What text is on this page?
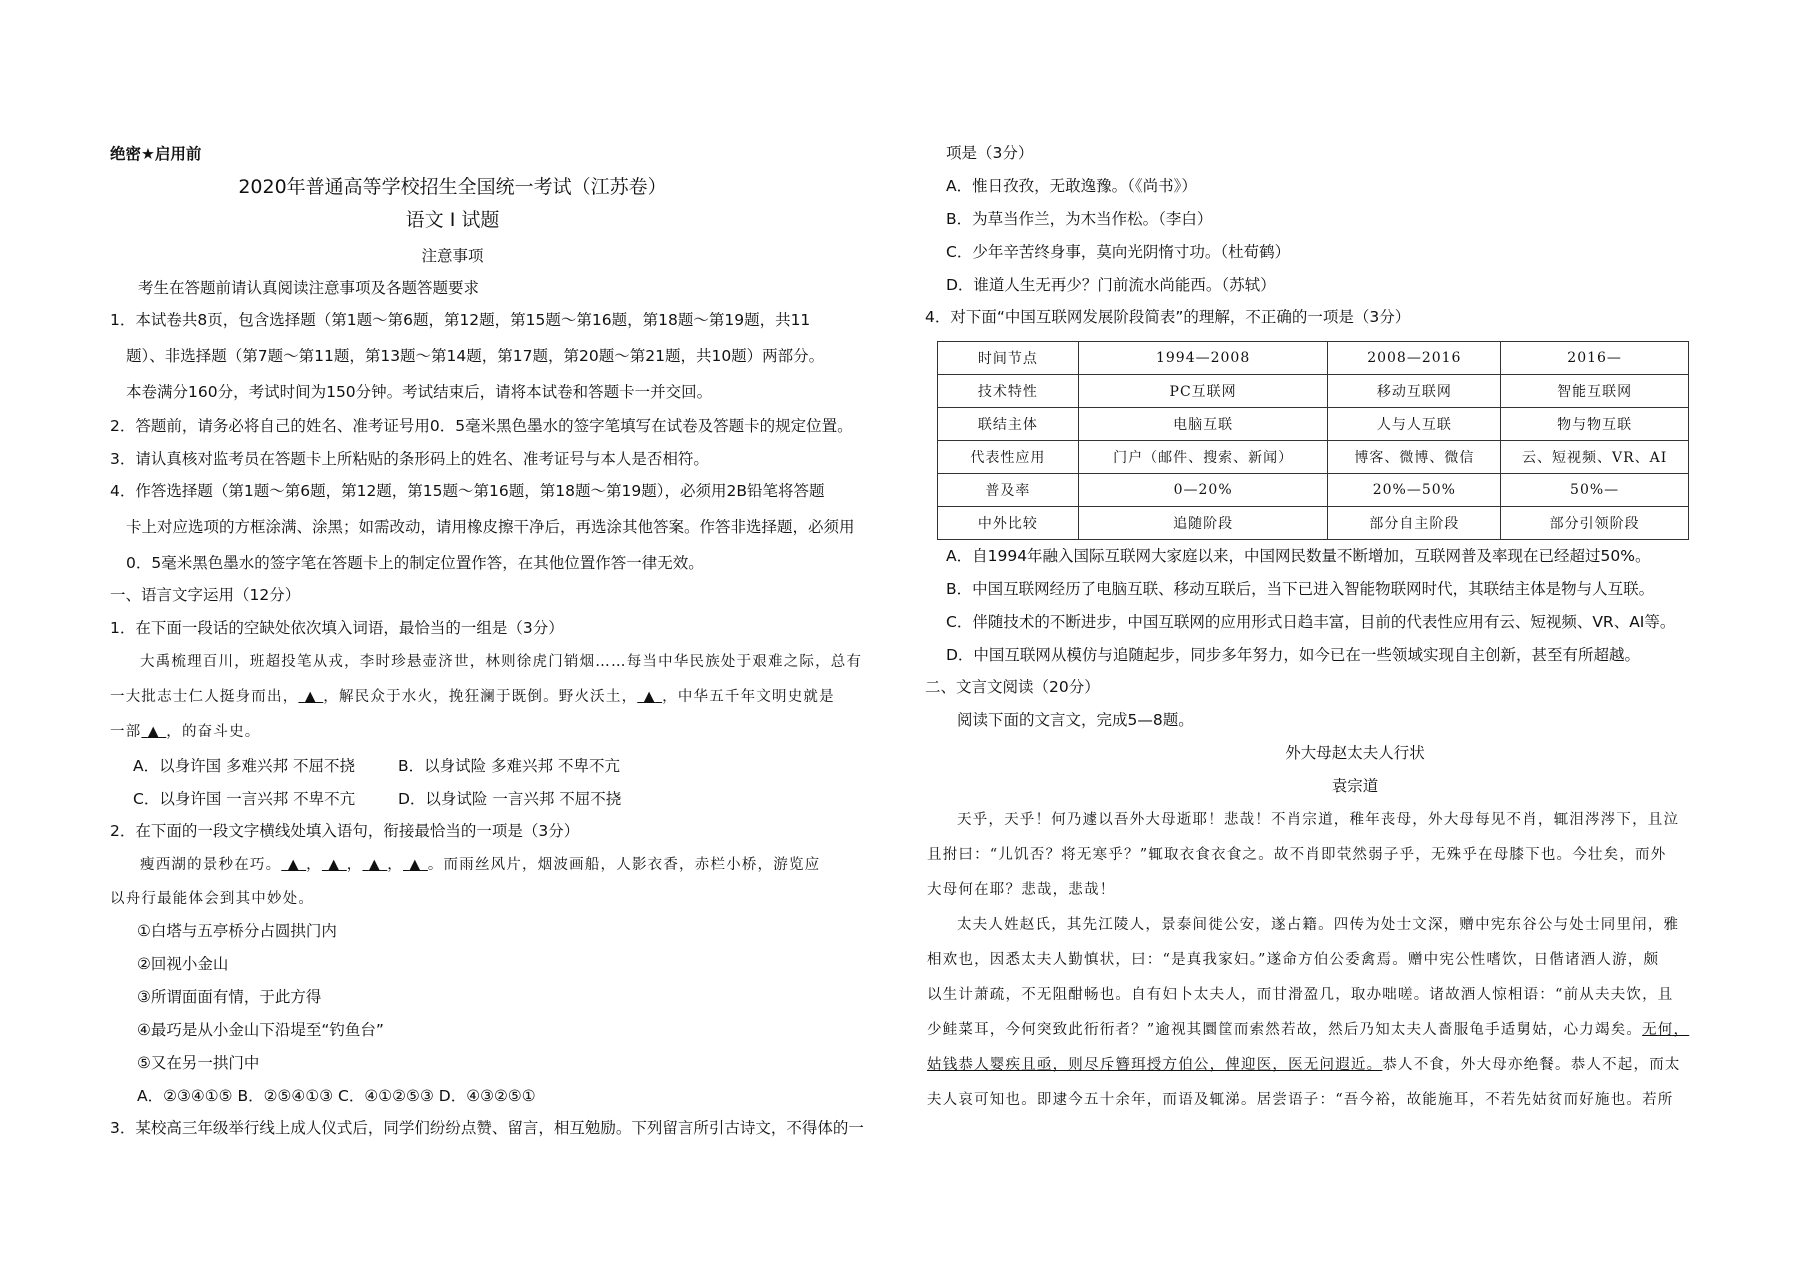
绝密★启用前
2020年普通高等学校招生全国统一考试（江苏卷）
语文 I 试题
注意事项
考生在答题前请认真阅读注意事项及各题答题要求
1．本试卷共8页，包含选择题（第1题～第6题，第12题，第15题～第16题，第18题～第19题，共11
题）、非选择题（第7题～第11题，第13题～第14题，第17题，第20题～第21题，共10题）两部分。
本卷满分160分，考试时间为150分钟。考试结束后，请将本试卷和答题卡一并交回。
2．答题前，请务必将自己的姓名、准考证号用0．5毫米黑色墨水的签字笔填写在试卷及答题卡的规定位置。
3．请认真核对监考员在答题卡上所粘贴的条形码上的姓名、准考证号与本人是否相符。
4．作答选择题（第1题～第6题，第12题，第15题～第16题，第18题～第19题），必须用2B铅笔将答题
卡上对应选项的方框涂满、涂黑；如需改动，请用橡皮擦干净后，再选涂其他答案。作答非选择题，必须用
0．5毫米黑色墨水的签字笔在答题卡上的制定位置作答，在其他位置作答一律无效。
一、语言文字运用（12分）
1．在下面一段话的空缺处依次填入词语，最恰当的一组是（3分）
大禹梳理百川，班超投笔从戎，李时珍悬壶济世，林则徐虎门销烟……每当中华民族处于艰难之际，总有
一大批志士仁人挺身而出， ▲ ，解民众于水火，挽狂澜于既倒。野火沃土， ▲ ，中华五千年文明史就是
一部 ▲ ，的奋斗史。
A．以身许国 多难兴邦 不屈不挠	B．以身试险 多难兴邦 不卑不亢
C．以身许国 一言兴邦 不卑不亢	D．以身试险 一言兴邦 不屈不挠
2．在下面的一段文字横线处填入语句，衔接最恰当的一项是（3分）
瘦西湖的景秒在巧。 ▲ ， ▲ ， ▲ ， ▲ 。而雨丝风片，烟波画船，人影衣香，赤栏小桥，游览应
以舟行最能体会到其中妙处。
①白塔与五亭桥分占圆拱门内
②回视小金山
③所谓面面有情，于此方得
④最巧是从小金山下沿堤至“钓鱼台”
⑤又在另一拱门中
A．②③④①⑤ B．②⑤④①③ C．④①②⑤③ D．④③②⑤①
3．某校高三年级举行线上成人仪式后，同学们纷纷点赞、留言，相互勉励。下列留言所引古诗文，不得体的一
项是（3分）
A．惟日孜孜，无敢逸豫。（《尚书》）
B．为草当作兰，为木当作松。（李白）
C．少年辛苦终身事，莫向光阴惰寸功。（杜荀鹤）
D．谁道人生无再少？门前流水尚能西。（苏轼）
4．对下面“中国互联网发展阶段简表”的理解，不正确的一项是（3分）
时间节点	1994—2008	2008—2016	2016—
技术特性	PC互联网	移动互联网	智能互联网
联结主体	电脑互联	人与人互联	物与物互联
代表性应用	门户（邮件、搜索、新闻）	博客、微博、微信	云、短视频、VR、AI
普及率	0—20%	20%—50%	50%—
中外比较	追随阶段	部分自主阶段	部分引领阶段
A．自1994年融入国际互联网大家庭以来，中国网民数量不断增加，互联网普及率现在已经超过50%。
B．中国互联网经历了电脑互联、移动互联后，当下已进入智能物联网时代，其联结主体是物与人互联。
C．伴随技术的不断进步，中国互联网的应用形式日趋丰富，目前的代表性应用有云、短视频、VR、AI等。
D．中国互联网从模仿与追随起步，同步多年努力，如今已在一些领域实现自主创新，甚至有所超越。
二、文言文阅读（20分）
阅读下面的文言文，完成5—8题。
外大母赵太夫人行状
袁宗道
天乎，天乎！何乃遽以吾外大母逝耶！悲哉！不肖宗道，稚年丧母，外大母每见不肖，辄泪涔涔下，且泣
且拊曰：“儿饥否？将无寒乎？”辄取衣食衣食之。故不肖即茕然弱子乎，无殊乎在母膝下也。今壮矣，而外
大母何在耶？悲哉，悲哉！
太夫人姓赵氏，其先江陵人，景泰间徙公安，遂占籍。四传为处士文深，赠中宪东谷公与处士同里闬，雅
相欢也，因悉太夫人勤慎状，曰：“是真我家妇。”遂命方伯公委禽焉。赠中宪公性嗜饮，日偕诸酒人游，颇
以生计萧疏，不无阻酣畅也。自有妇卜太夫人，而甘滑盈几，取办咄嗟。诸故酒人惊相语：“前从夫夫饮，且
少鲑菜耳，今何突致此衎衎者？”逾视其圜筐而索然若故，然后乃知太夫人嗇服龟手适舅姑，心力竭矣。无何，
姑钱恭人婴疾且亟，则尽斥簪珥授方伯公，俾迎医，医无问遐近。恭人不食，外大母亦绝餐。恭人不起，而太
夫人哀可知也。即逮今五十余年，而语及辄涕。居尝语子：“吾今裕，故能施耳，不若先姑贫而好施也。若所
